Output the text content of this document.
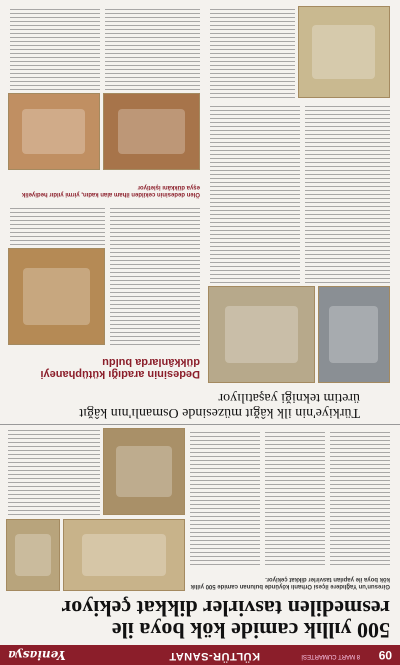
09
8 MART CUMARTESİ
KÜLTÜR-SANAT
Yeniasya
500 yıllık camide kök boya ile resmedilen tasvirler dikkat çekiyor
Giresun'un Yağlıdere ilçesi Orhanlı köyünde bulunan camide 500 yıllık kök boya ile yapılan tasvirler dikkat çekiyor.
Türkiye'nin ilk kâğıt müzesinde Osmanlı'nın kâğıt üretim tekniği yaşatılıyor
Dedesinin aradığı kütüphaneyi dükkânlarda buldu
Ölen dedesinin cekilden ilham alan kadın, yirmi yıldır hediyelik eşya dükkânı işletiyor
